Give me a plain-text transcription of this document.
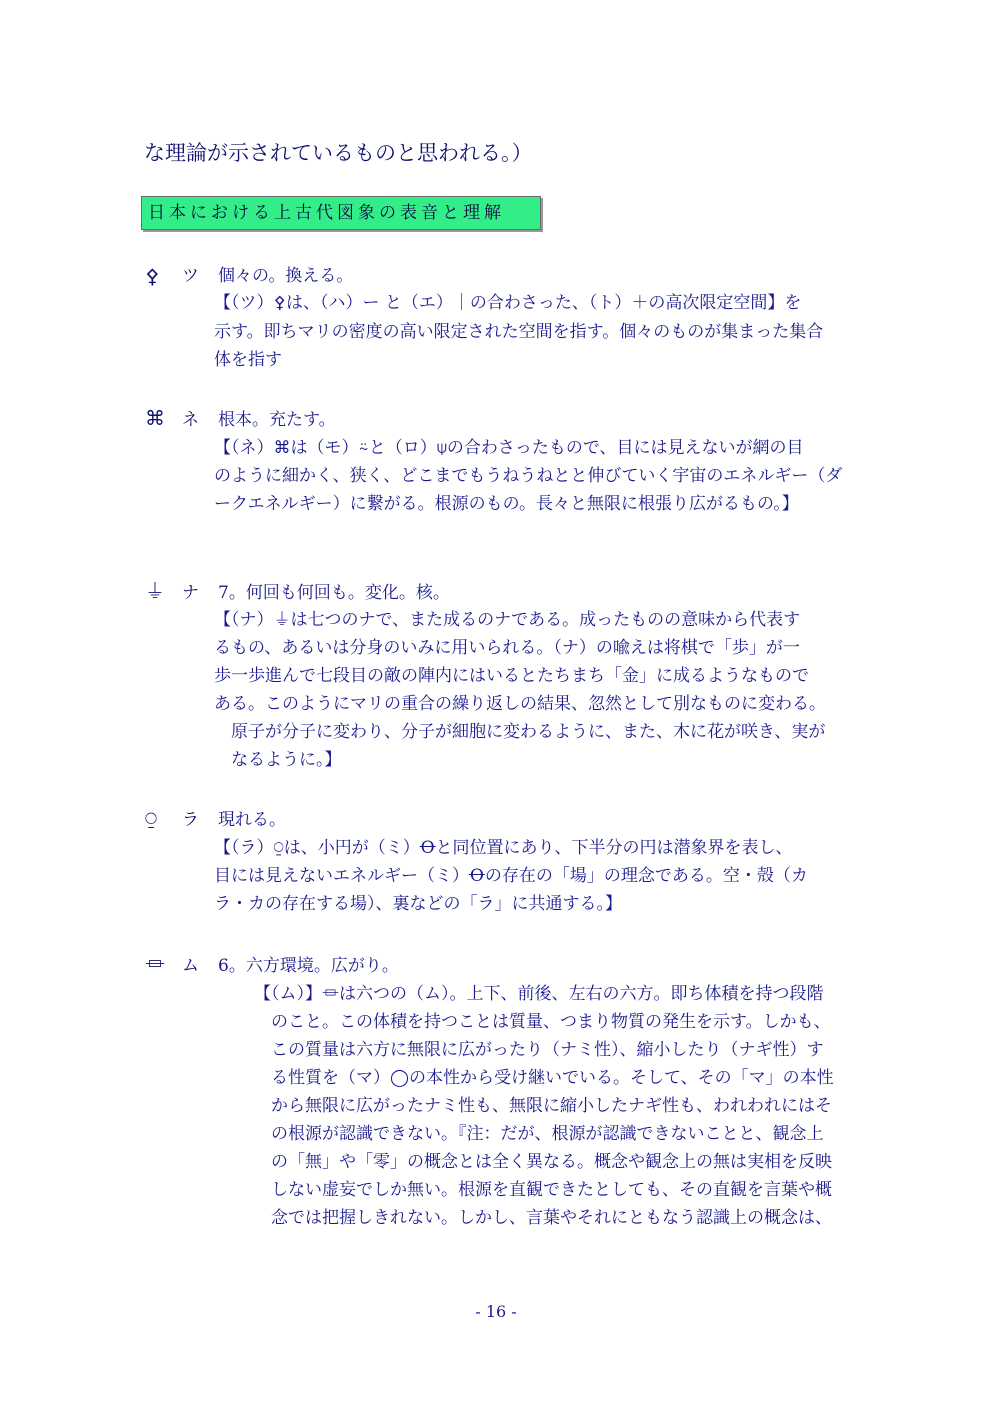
な理論が示されているものと思われる。）
日本における上古代図象の表音と理解
⚴ ツ 個々の。換える。
【（ツ）⚴は、（ハ）ー と（エ）｜の合わさった、（ト）＋の高次限定空間】を
示す。即ちマリの密度の高い限定された空間を指す。個々のものが集まった集合
体を指す
⌘ ネ 根本。充たす。
【（ネ）⌘は（モ）⍨と（ロ）⍦の合わさったもので、目には見えないが網の目
のように細かく、狭く、どこまでもうねうねとと伸びていく宇宙のエネルギー（ダ
ークエネルギー）に繋がる。根源のもの。長々と無限に根張り広がるもの。】
⏚ ナ 7。何回も何回も。変化。核。
【（ナ）⏚は七つのナで、また成るのナである。成ったものの意味から代表す
るもの、あるいは分身のいみに用いられる。（ナ）の喩えは将棋で「歩」が一
歩一歩進んで七段目の敵の陣内にはいるとたちまち「金」に成るようなもので
ある。このようにマリの重合の繰り返しの結果、忽然として別なものに変わる。
　原子が分子に変わり、分子が細胞に変わるように、また、木に花が咲き、実が
　なるように。】
⍜ ラ 現れる。
【（ラ）⍜は、小円が（ミ）Ꝋと同位置にあり、下半分の円は潜象界を表し、
目には見えないエネルギー（ミ）Ꝋの存在の「場」の理念である。空・殻（カ
ラ・カの存在する場）、裏などの「ラ」に共通する。】
⏛ ム 6。六方環境。広がり。
【（ム）】⏛は六つの（ム）。上下、前後、左右の六方。即ち体積を持つ段階
　のこと。この体積を持つことは質量、つまり物質の発生を示す。しかも、
　この質量は六方に無限に広がったり（ナミ性）、縮小したり（ナギ性）す
　る性質を（マ）◯の本性から受け継いでいる。そして、その「マ」の本性
　から無限に広がったナミ性も、無限に縮小したナギ性も、われわれにはそ
　の根源が認識できない。『注：だが、根源が認識できないことと、観念上
　の「無」や「零」の概念とは全く異なる。概念や観念上の無は実相を反映
　しない虚妄でしか無い。根源を直観できたとしても、その直観を言葉や概
　念では把握しきれない。しかし、言葉やそれにともなう認識上の概念は、
- 16 -
